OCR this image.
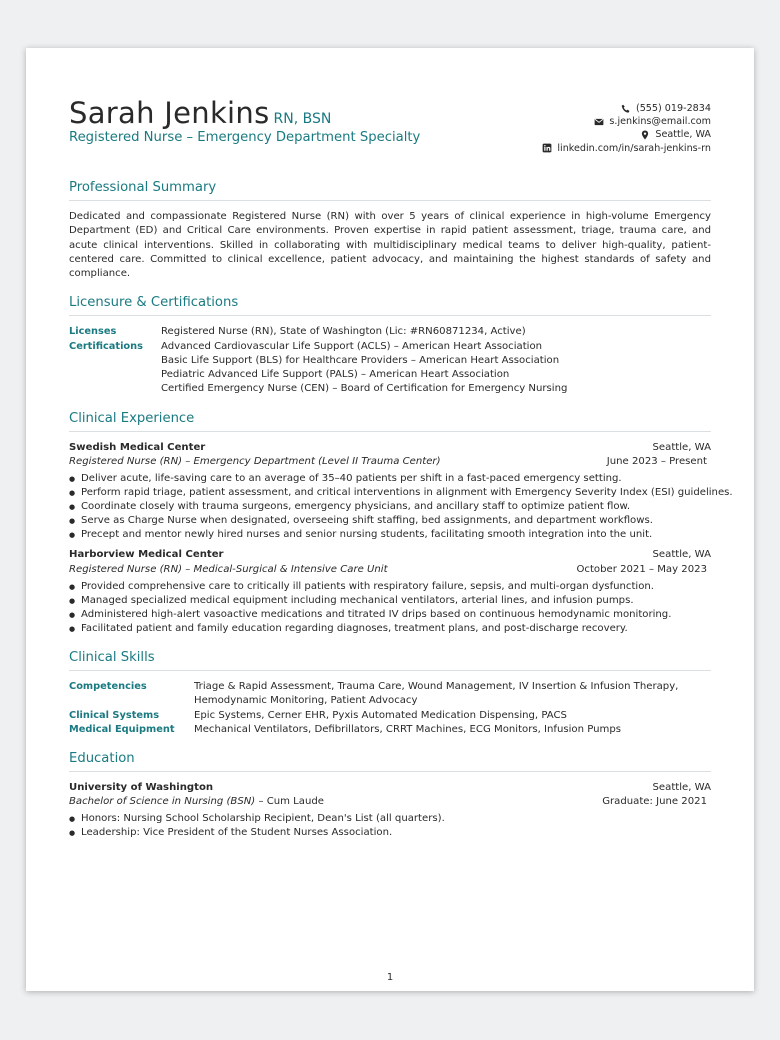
Sarah Jenkins RN, BSN
Registered Nurse – Emergency Department Specialty
(555) 019-2834
s.jenkins@email.com
Seattle, WA
linkedin.com/in/sarah-jenkins-rn
Professional Summary

Dedicated and compassionate Registered Nurse (RN) with over 5 years of clinical experience in high-volume Emergency Department (ED) and Critical Care environments. Proven expertise in rapid patient assessment, triage, trauma care, and acute clinical interventions. Skilled in collaborating with multidisciplinary medical teams to deliver high-quality, patient-centered care. Committed to clinical excellence, patient advocacy, and maintaining the highest standards of safety and compliance.

Licensure & Certifications
Licenses	Registered Nurse (RN), State of Washington (Lic: #RN60871234, Active)
Certifications	Advanced Cardiovascular Life Support (ACLS) – American Heart Association
Basic Life Support (BLS) for Healthcare Providers – American Heart Association
Pediatric Advanced Life Support (PALS) – American Heart Association
Certified Emergency Nurse (CEN) – Board of Certification for Emergency Nursing
Clinical Experience
Swedish Medical Center	Seattle, WA
Registered Nurse (RN) – Emergency Department (Level II Trauma Center)	June 2023 – Present
● Deliver acute, life-saving care to an average of 35–40 patients per shift in a fast-paced emergency setting.
● Perform rapid triage, patient assessment, and critical interventions in alignment with Emergency Severity Index (ESI) guidelines.
● Coordinate closely with trauma surgeons, emergency physicians, and ancillary staff to optimize patient flow.
● Serve as Charge Nurse when designated, overseeing shift staffing, bed assignments, and department workflows.
● Precept and mentor newly hired nurses and senior nursing students, facilitating smooth integration into the unit.
Harborview Medical Center	Seattle, WA
Registered Nurse (RN) – Medical-Surgical & Intensive Care Unit	October 2021 – May 2023
● Provided comprehensive care to critically ill patients with respiratory failure, sepsis, and multi-organ dysfunction.
● Managed specialized medical equipment including mechanical ventilators, arterial lines, and infusion pumps.
● Administered high-alert vasoactive medications and titrated IV drips based on continuous hemodynamic monitoring.
● Facilitated patient and family education regarding diagnoses, treatment plans, and post-discharge recovery.
Clinical Skills
Competencies	Triage & Rapid Assessment, Trauma Care, Wound Management, IV Insertion & Infusion Therapy,
Hemodynamic Monitoring, Patient Advocacy
Clinical Systems	Epic Systems, Cerner EHR, Pyxis Automated Medication Dispensing, PACS
Medical Equipment	Mechanical Ventilators, Defibrillators, CRRT Machines, ECG Monitors, Infusion Pumps
Education
University of Washington	Seattle, WA
Bachelor of Science in Nursing (BSN) – Cum Laude	Graduate: June 2021
● Honors: Nursing School Scholarship Recipient, Dean's List (all quarters).
● Leadership: Vice President of the Student Nurses Association.
1
